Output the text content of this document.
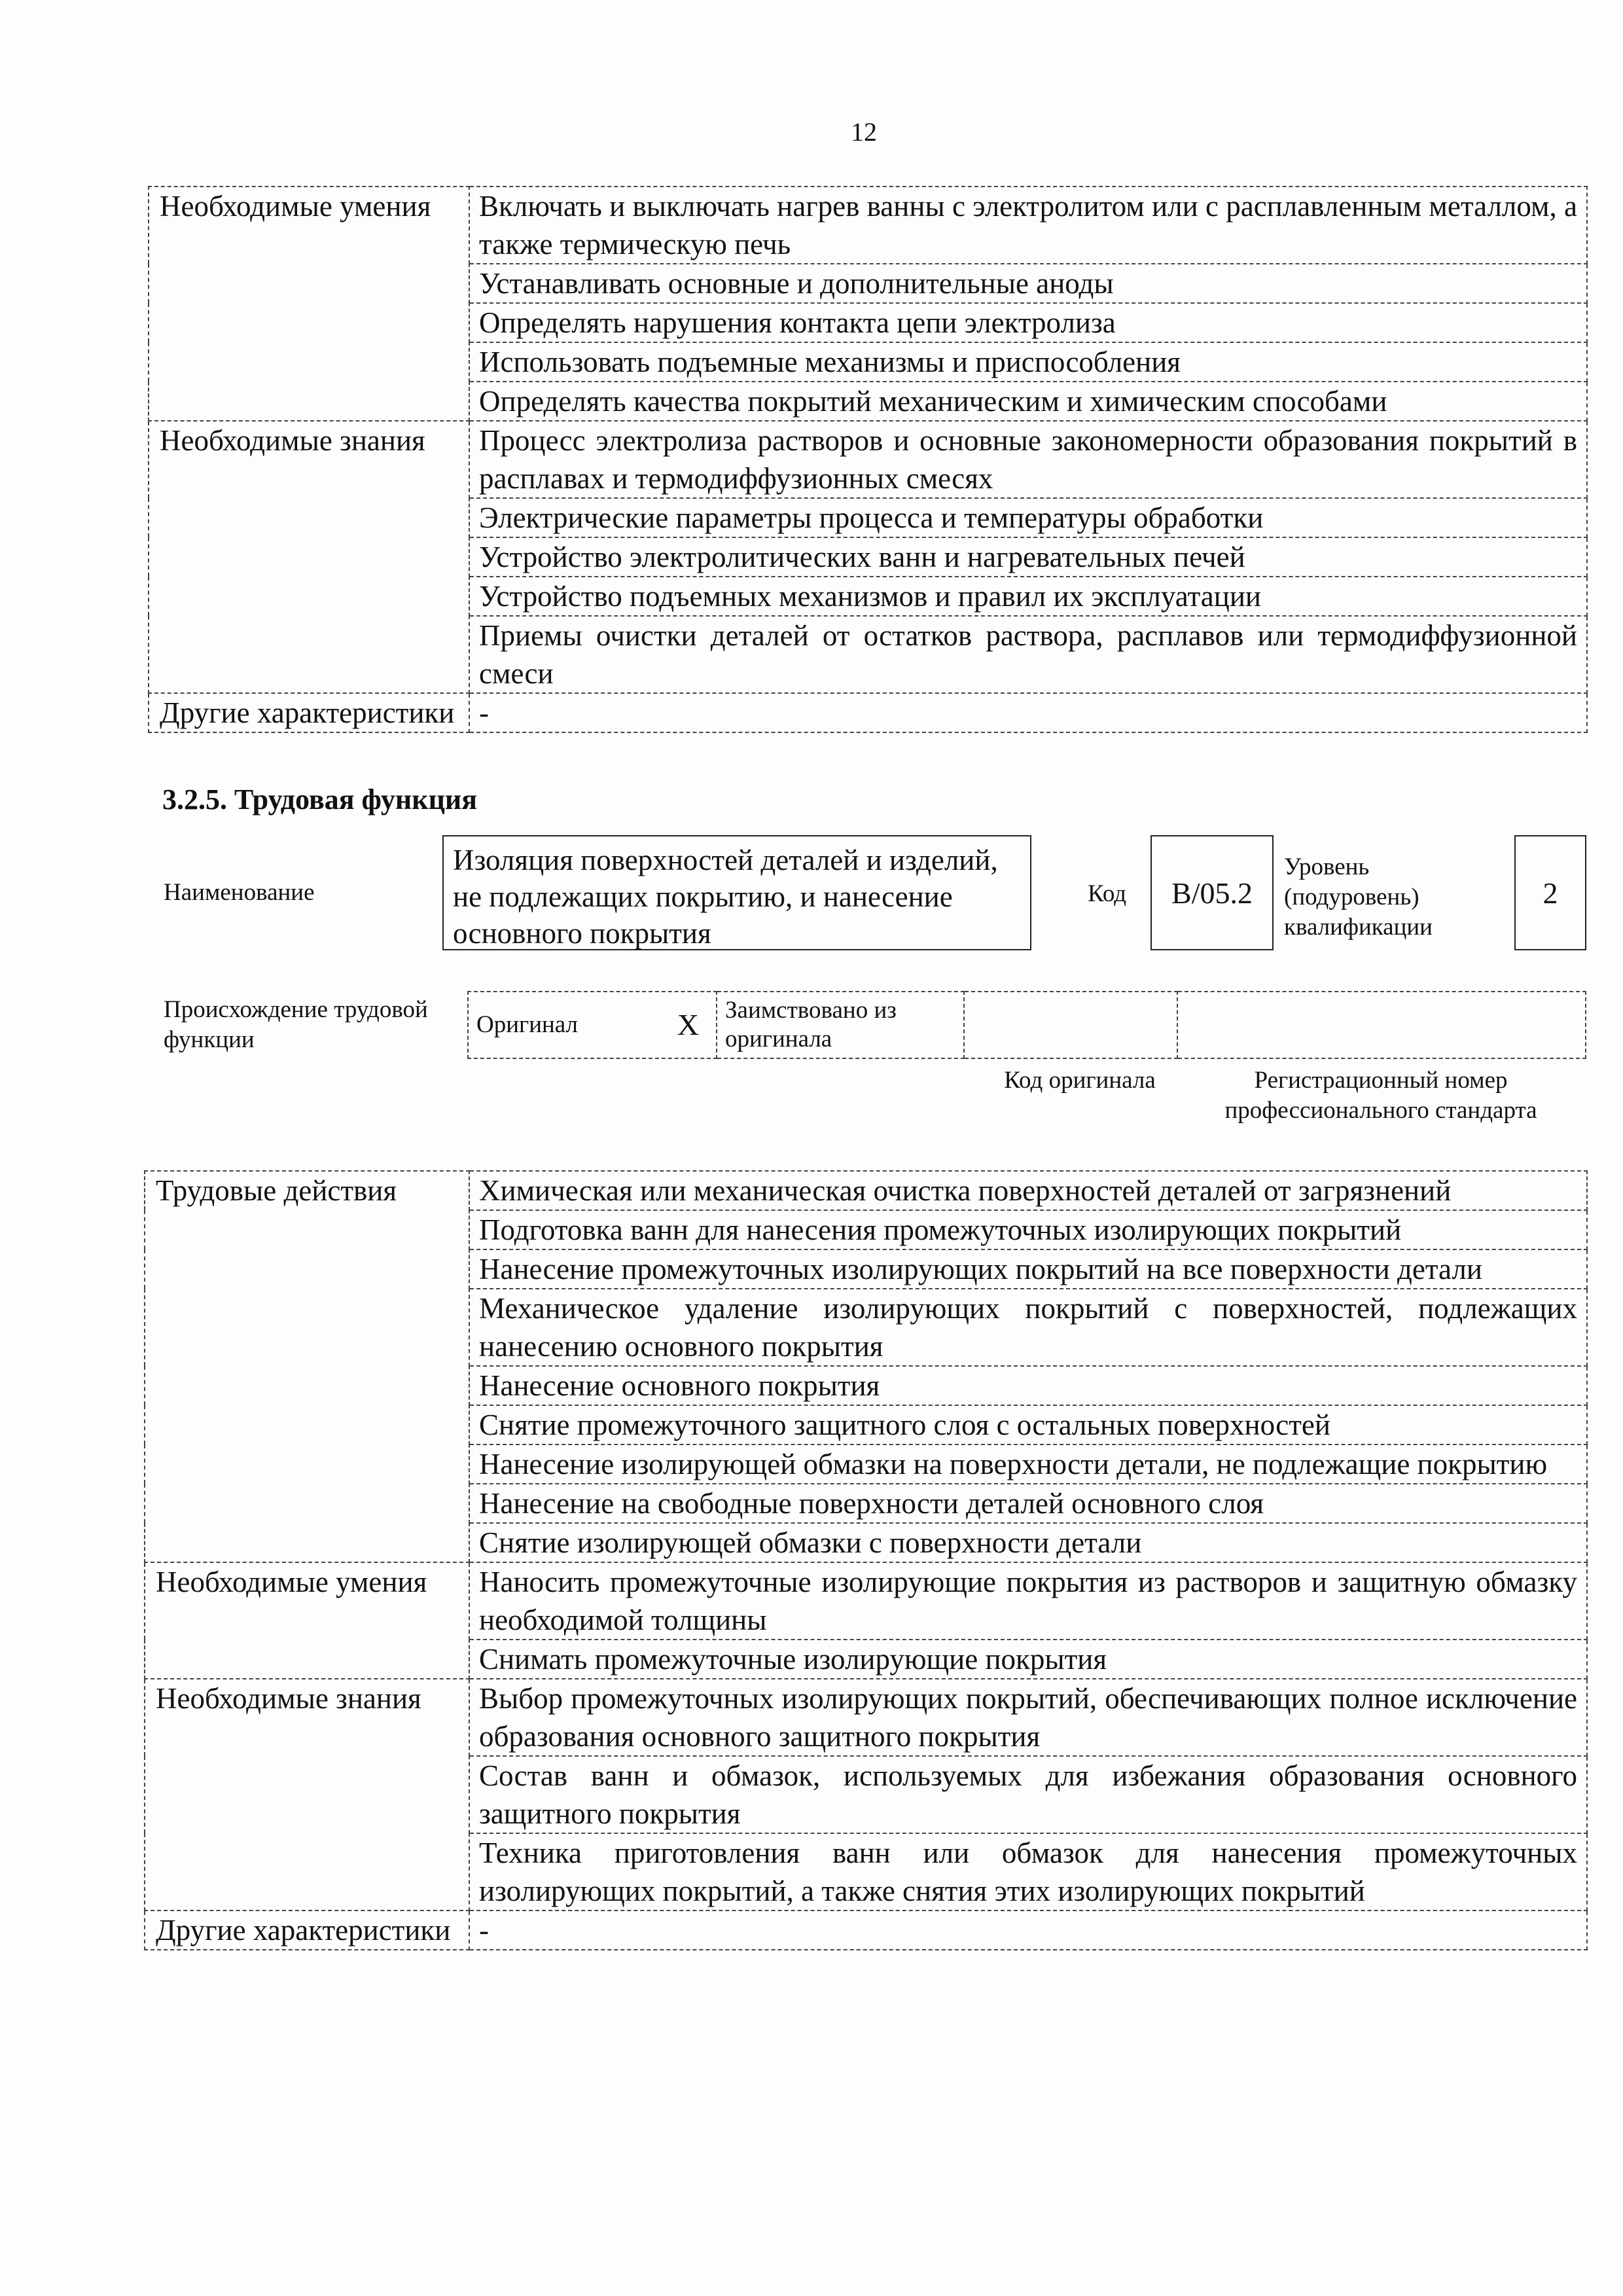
12
Необходимые умения	Включать и выключать нагрев ванны с электролитом или с расплавленным металлом, а также термическую печь
	Устанавливать основные и дополнительные аноды
	Определять нарушения контакта цепи электролиза
	Использовать подъемные механизмы и приспособления
	Определять качества покрытий механическим и химическим способами
Необходимые знания	Процесс электролиза растворов и основные закономерности образования покрытий в расплавах и термодиффузионных смесях
	Электрические параметры процесса и температуры обработки
	Устройство электролитических ванн и нагревательных печей
	Устройство подъемных механизмов и правил их эксплуатации
	Приемы очистки деталей от остатков раствора, расплавов или термодиффузионной смеси
Другие характеристики	-
3.2.5. Трудовая функция
Наименование
Изоляция поверхностей деталей и изделий, не подлежащих покрытию, и нанесение основного покрытия
Код	B/05.2
Уровень (подуровень) квалификации
2
Происхождение трудовой функции
Оригинал	X	Заимствовано из оригинала		
Код оригинала	Регистрационный номер профессионального стандарта
Трудовые действия	Химическая или механическая очистка поверхностей деталей от загрязнений
	Подготовка ванн для нанесения промежуточных изолирующих покрытий
	Нанесение промежуточных изолирующих покрытий на все поверхности детали
	Механическое удаление изолирующих покрытий с поверхностей, подлежащих нанесению основного покрытия
	Нанесение основного покрытия
	Снятие промежуточного защитного слоя с остальных поверхностей
	Нанесение изолирующей обмазки на поверхности детали, не подлежащие покрытию
	Нанесение на свободные поверхности деталей основного слоя
	Снятие изолирующей обмазки с поверхности детали
Необходимые умения	Наносить промежуточные изолирующие покрытия из растворов и защитную обмазку необходимой толщины
	Снимать промежуточные изолирующие покрытия
Необходимые знания	Выбор промежуточных изолирующих покрытий, обеспечивающих полное исключение образования основного защитного покрытия
	Состав ванн и обмазок, используемых для избежания образования основного защитного покрытия
	Техника приготовления ванн или обмазок для нанесения промежуточных изолирующих покрытий, а также снятия этих изолирующих покрытий
Другие характеристики	-
